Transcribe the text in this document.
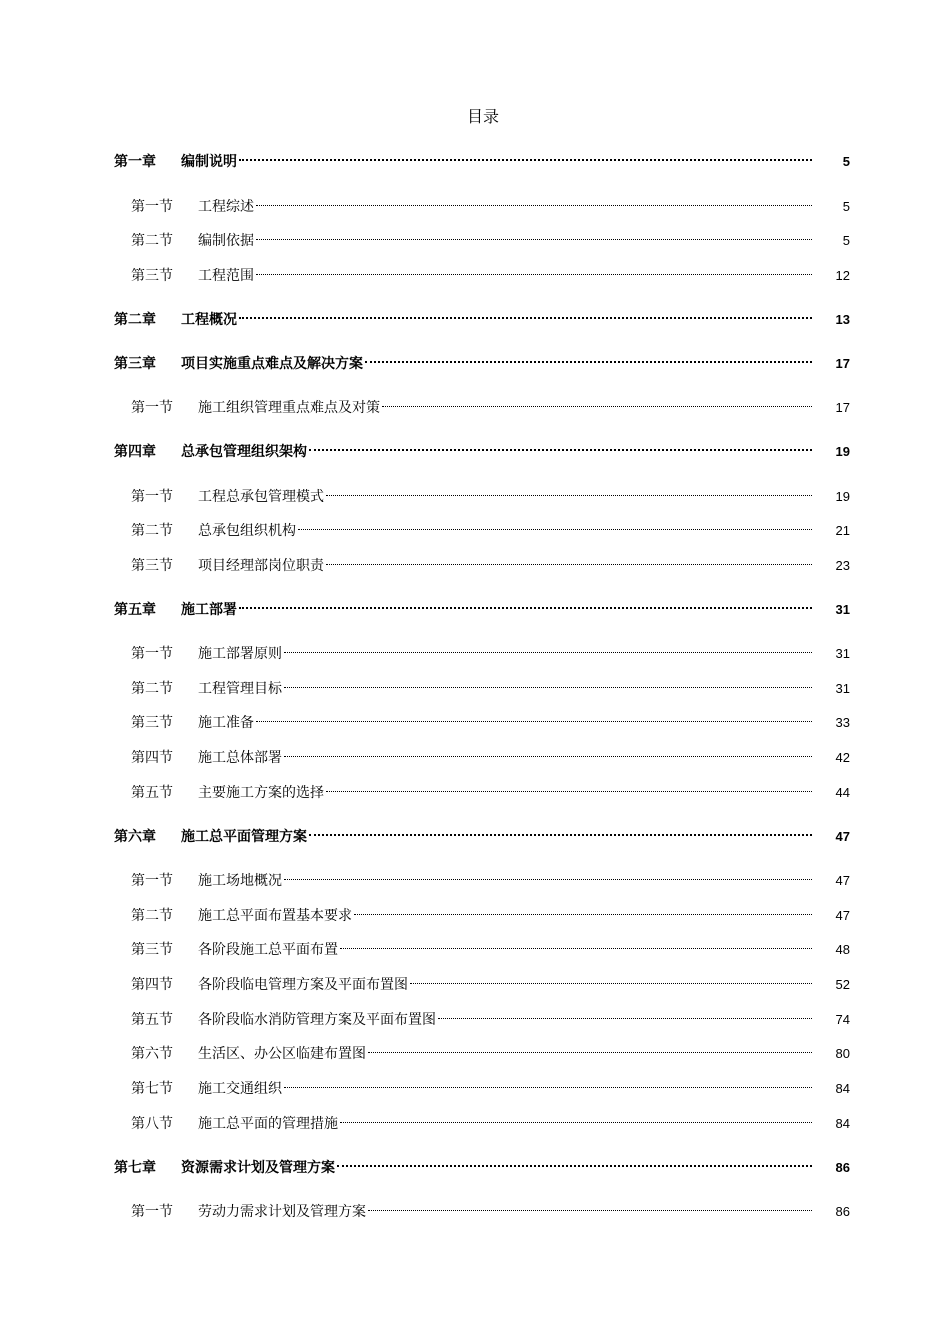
目录
第一章	编制说明	5
第一节	工程综述	5
第二节	编制依据	5
第三节	工程范围	12
第二章	工程概况	13
第三章	项目实施重点难点及解决方案	17
第一节	施工组织管理重点难点及对策	17
第四章	总承包管理组织架构	19
第一节	工程总承包管理模式	19
第二节	总承包组织机构	21
第三节	项目经理部岗位职责	23
第五章	施工部署	31
第一节	施工部署原则	31
第二节	工程管理目标	31
第三节	施工准备	33
第四节	施工总体部署	42
第五节	主要施工方案的选择	44
第六章	施工总平面管理方案	47
第一节	施工场地概况	47
第二节	施工总平面布置基本要求	47
第三节	各阶段施工总平面布置	48
第四节	各阶段临电管理方案及平面布置图	52
第五节	各阶段临水消防管理方案及平面布置图	74
第六节	生活区、办公区临建布置图	80
第七节	施工交通组织	84
第八节	施工总平面的管理措施	84
第七章	资源需求计划及管理方案	86
第一节	劳动力需求计划及管理方案	86
